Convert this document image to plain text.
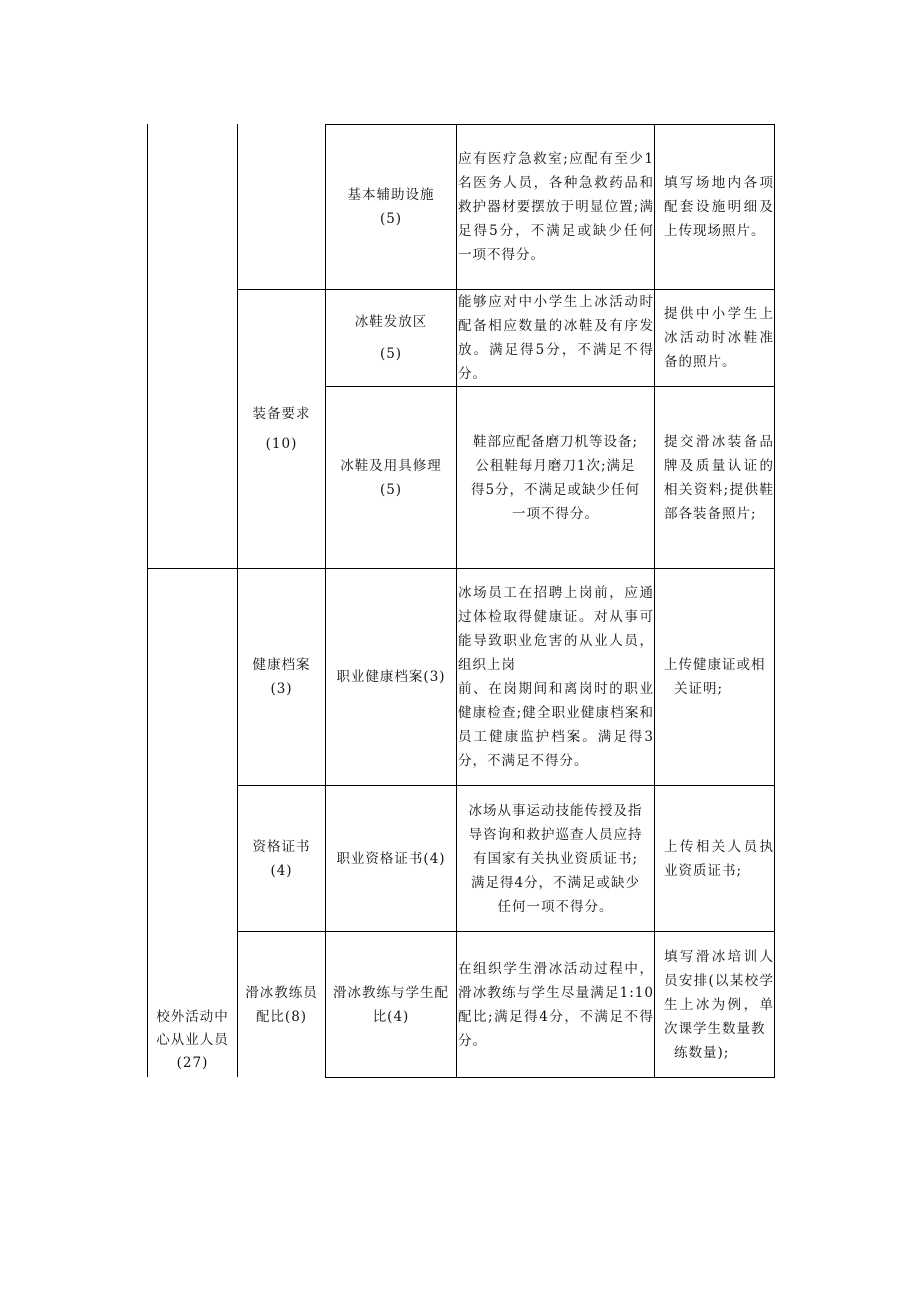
基本辅助设施
(5)
应有医疗急救室;应配有至少1名医务人员，各种急救药品和救护器材要摆放于明显位置;满足得5分，不满足或缺少任何一项不得分。
填写场地内各项配套设施明细及上传现场照片。
装备要求
(10)
冰鞋发放区
(5)
能够应对中小学生上冰活动时配备相应数量的冰鞋及有序发放。满足得5分，不满足不得分。
提供中小学生上冰活动时冰鞋准备的照片。
冰鞋及用具修理
(5)
鞋部应配备磨刀机等设备;
公租鞋每月磨刀1次;满足
得5分，不满足或缺少任何
一项不得分。
提交滑冰装备品牌及质量认证的相关资料;提供鞋部各装备照片;
校外活动中
心从业人员
(27)
健康档案
(3)
职业健康档案(3)
冰场员工在招聘上岗前，应通过体检取得健康证。对从事可能导致职业危害的从业人员，组织上岗
前、在岗期间和离岗时的职业健康检查;健全职业健康档案和员工健康监护档案。满足得3分，不满足不得分。
上传健康证或相
关证明;
资格证书
(4)
职业资格证书(4)
冰场从事运动技能传授及指
导咨询和救护巡查人员应持
有国家有关执业资质证书;
满足得4分，不满足或缺少
任何一项不得分。
上传相关人员执业资质证书;
滑冰教练员
配比(8)
滑冰教练与学生配
比(4)
在组织学生滑冰活动过程中，滑冰教练与学生尽量满足1:10配比;满足得4分，不满足不得分。
填写滑冰培训人员安排(以某校学生上冰为例，单次课学生数量教
练数量);
